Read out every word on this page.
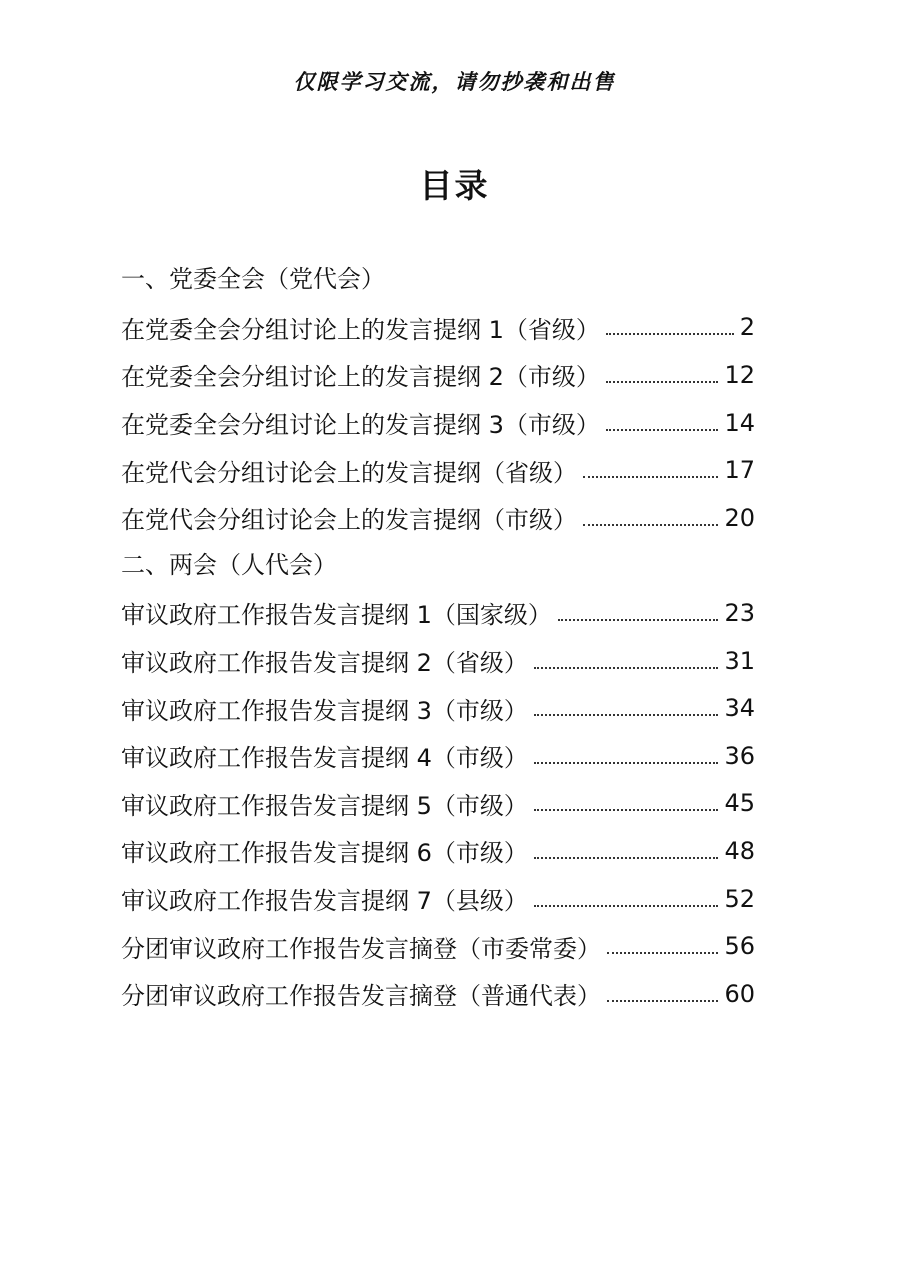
仅限学习交流，请勿抄袭和出售
目录
一、党委全会（党代会）
在党委全会分组讨论上的发言提纲 1（省级）	2
在党委全会分组讨论上的发言提纲 2（市级）	12
在党委全会分组讨论上的发言提纲 3（市级）	14
在党代会分组讨论会上的发言提纲（省级）	17
在党代会分组讨论会上的发言提纲（市级）	20
二、两会（人代会）
审议政府工作报告发言提纲 1（国家级）	23
审议政府工作报告发言提纲 2（省级）	31
审议政府工作报告发言提纲 3（市级）	34
审议政府工作报告发言提纲 4（市级）	36
审议政府工作报告发言提纲 5（市级）	45
审议政府工作报告发言提纲 6（市级）	48
审议政府工作报告发言提纲 7（县级）	52
分团审议政府工作报告发言摘登（市委常委）	56
分团审议政府工作报告发言摘登（普通代表）	60
